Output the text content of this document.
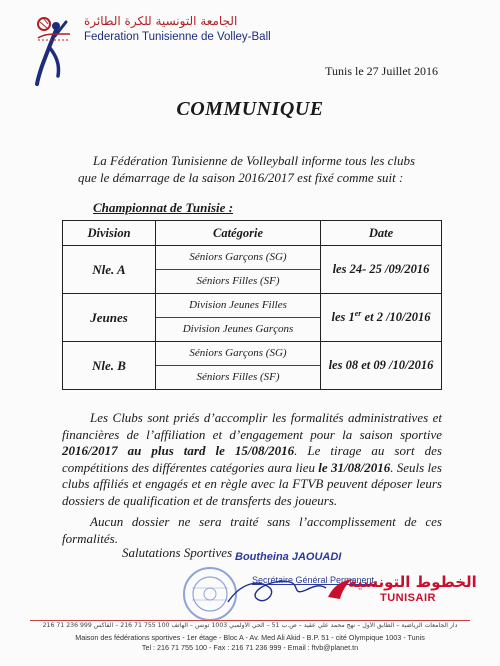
الجامعة التونسية للكرة الطائرة
Federation Tunisienne de Volley-Ball
Tunis le 27 Juillet 2016
COMMUNIQUE
La Fédération Tunisienne de Volleyball informe tous les clubs
que le démarrage de la saison 2016/2017 est fixé comme suit :
Championnat de Tunisie :
Division	Catégorie	Date
Nle. A	Séniors Garçons (SG)
Séniors Filles (SF)	les 24- 25 /09/2016
Jeunes	Division Jeunes Filles
Division Jeunes Garçons	les 1er et 2 /10/2016
Nle. B	Séniors Garçons (SG)
Séniors Filles (SF)	les 08 et 09 /10/2016
Les Clubs sont priés d’accomplir les formalités administratives et financières de l’affiliation et d’engagement pour la saison sportive 2016/2017 au plus tard le 15/08/2016. Le tirage au sort des compétitions des différentes catégories aura lieu le 31/08/2016. Seuls les clubs affiliés et engagés et en règle avec la FTVB peuvent déposer leurs dossiers de qualification et de transferts des joueurs.
Aucun dossier ne sera traité sans l’accomplissement de ces formalités.
Salutations Sportives Boutheina JAOUADI
Secrétaire Général Permanent
الخطوط التونسية
TUNISAIR
دار الجامعات الرياضية – الطابق الأول – نهج محمد علي عقيد – ص.ب 51 – الحي الأولمبي 1003 تونس – الهاتف 100 755 71 216 – الفاكس 999 236 71 216
Maison des fédérations sportives - 1er étage - Bloc A - Av. Med Ali Akid - B.P. 51 - cité Olympique 1003 - Tunis
Tel : 216 71 755 100 - Fax : 216 71 236 999 - Email : ftvb@planet.tn
